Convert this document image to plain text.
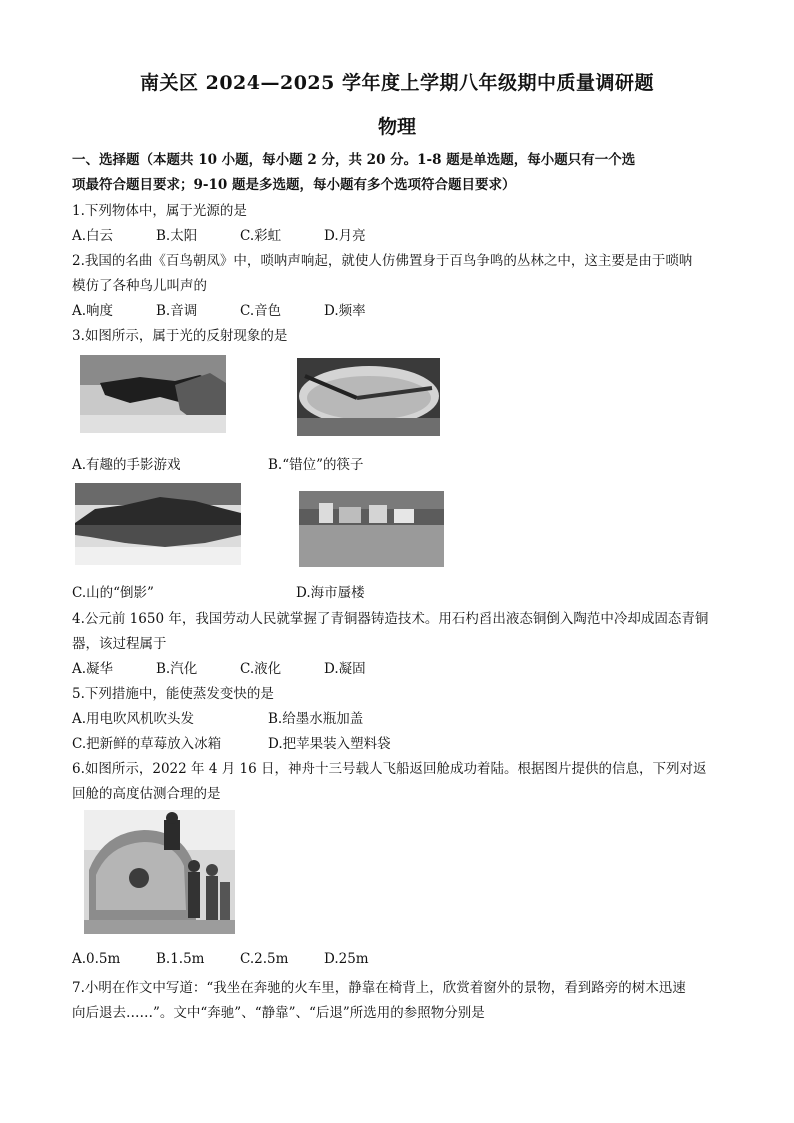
南关区 2024—2025 学年度上学期八年级期中质量调研题
物理
一、选择题（本题共 10 小题，每小题 2 分，共 20 分。1-8 题是单选题，每小题只有一个选
项最符合题目要求；9-10 题是多选题，每小题有多个选项符合题目要求）
1.下列物体中，属于光源的是
A.白云	B.太阳	C.彩虹	D.月亮
2.我国的名曲《百鸟朝凤》中，唢呐声响起，就使人仿佛置身于百鸟争鸣的丛林之中，这主要是由于唢呐
模仿了各种鸟儿叫声的
A.响度	B.音调	C.音色	D.频率
3.如图所示，属于光的反射现象的是
A.有趣的手影游戏	B.“错位”的筷子
C.山的“倒影”	D.海市蜃楼
4.公元前 1650 年，我国劳动人民就掌握了青铜器铸造技术。用石杓舀出液态铜倒入陶范中冷却成固态青铜
器，该过程属于
A.凝华	B.汽化	C.液化	D.凝固
5.下列措施中，能使蒸发变快的是
A.用电吹风机吹头发	B.给墨水瓶加盖
C.把新鲜的草莓放入冰箱	D.把苹果装入塑料袋
6.如图所示，2022 年 4 月 16 日，神舟十三号载人飞船返回舱成功着陆。根据图片提供的信息，下列对返
回舱的高度估测合理的是
A.0.5m	B.1.5m	C.2.5m	D.25m
7.小明在作文中写道：“我坐在奔驰的火车里，静靠在椅背上，欣赏着窗外的景物，看到路旁的树木迅速
向后退去……”。文中“奔驰”、“静靠”、“后退”所选用的参照物分别是
